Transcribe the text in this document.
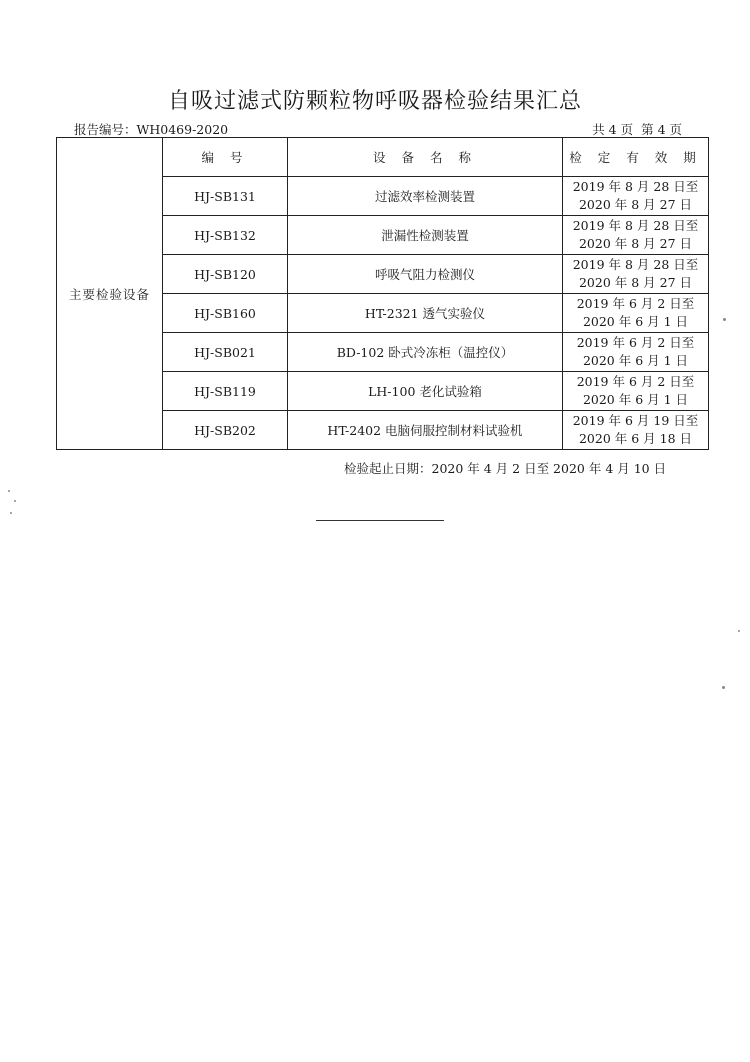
自吸过滤式防颗粒物呼吸器检验结果汇总
报告编号：WH0469-2020	共 4 页 第 4 页
主要检验设备	编 号	设 备 名 称	检 定 有 效 期
	HJ-SB131	过滤效率检测装置	2019 年 8 月 28 日至
2020 年 8 月 27 日

	HJ-SB132	泄漏性检测装置	2019 年 8 月 28 日至
2020 年 8 月 27 日

	HJ-SB120	呼吸气阻力检测仪	2019 年 8 月 28 日至
2020 年 8 月 27 日

	HJ-SB160	HT-2321 透气实验仪	2019 年 6 月 2 日至
2020 年 6 月 1 日

	HJ-SB021	BD-102 卧式冷冻柜（温控仪）	2019 年 6 月 2 日至
2020 年 6 月 1 日

	HJ-SB119	LH-100 老化试验箱	2019 年 6 月 2 日至
2020 年 6 月 1 日

	HJ-SB202	HT-2402 电脑伺服控制材料试验机	2019 年 6 月 19 日至
2020 年 6 月 18 日
检验起止日期：2020 年 4 月 2 日至 2020 年 4 月 10 日
